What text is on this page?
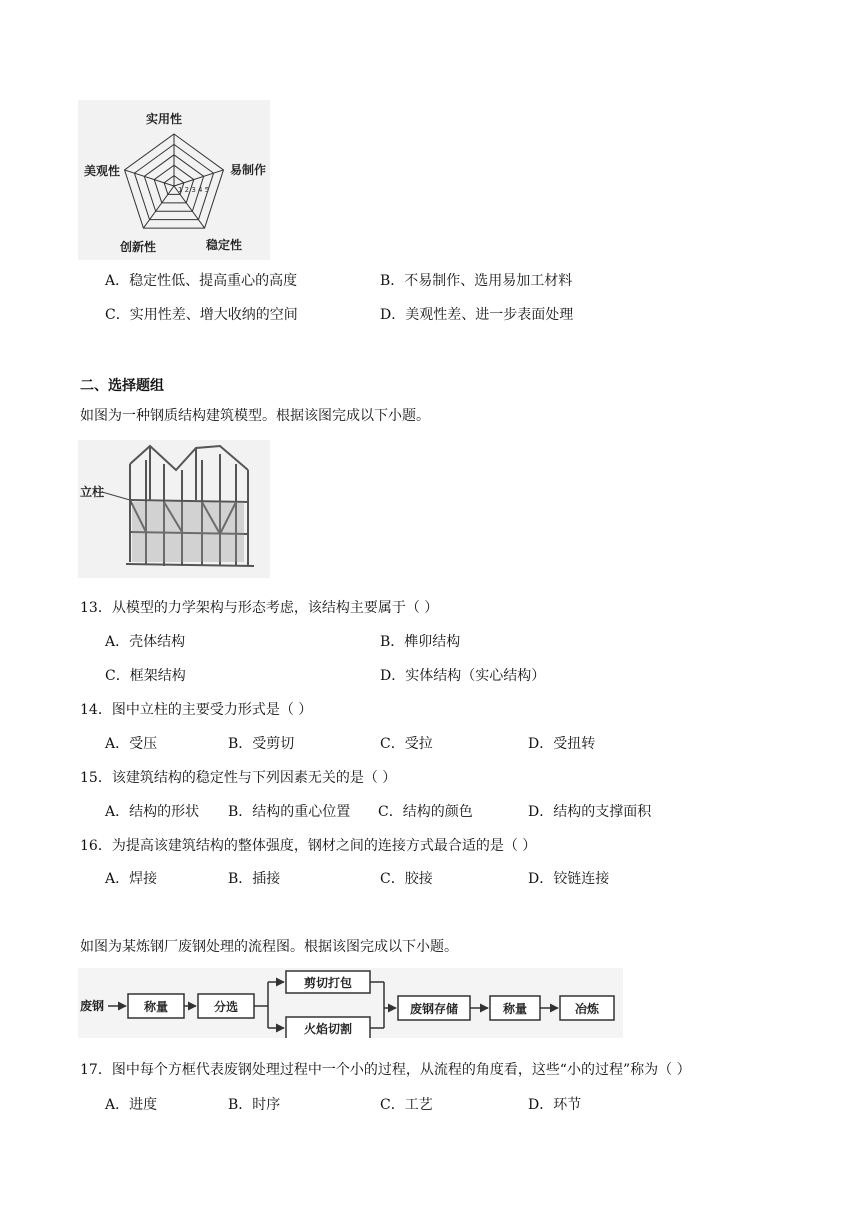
实用性
易制作
稳定性
创新性
美观性
1 2 3 4 5
A．稳定性低、提高重心的高度	B．不易制作、选用易加工材料
C．实用性差、增大收纳的空间	D．美观性差、进一步表面处理
二、选择题组
如图为一种钢质结构建筑模型。根据该图完成以下小题。
立柱
13．从模型的力学架构与形态考虑，该结构主要属于（ ）
A．壳体结构	B．榫卯结构
C．框架结构	D．实体结构（实心结构）
14．图中立柱的主要受力形式是（ ）
A．受压	B．受剪切	C．受拉	D．受扭转
15．该建筑结构的稳定性与下列因素无关的是（ ）
A．结构的形状 B．结构的重心位置 C．结构的颜色	D．结构的支撑面积
16．为提高该建筑结构的整体强度，钢材之间的连接方式最合适的是（ ）
A．焊接	B．插接	C．胶接	D．铰链连接
如图为某炼钢厂废钢处理的流程图。根据该图完成以下小题。
废钢	称量	分选
剪切打包
火焰切割
废钢存储	称量	冶炼
17．图中每个方框代表废钢处理过程中一个小的过程，从流程的角度看，这些“小的过程”称为（ ）
A．进度	B．时序	C．工艺	D．环节
